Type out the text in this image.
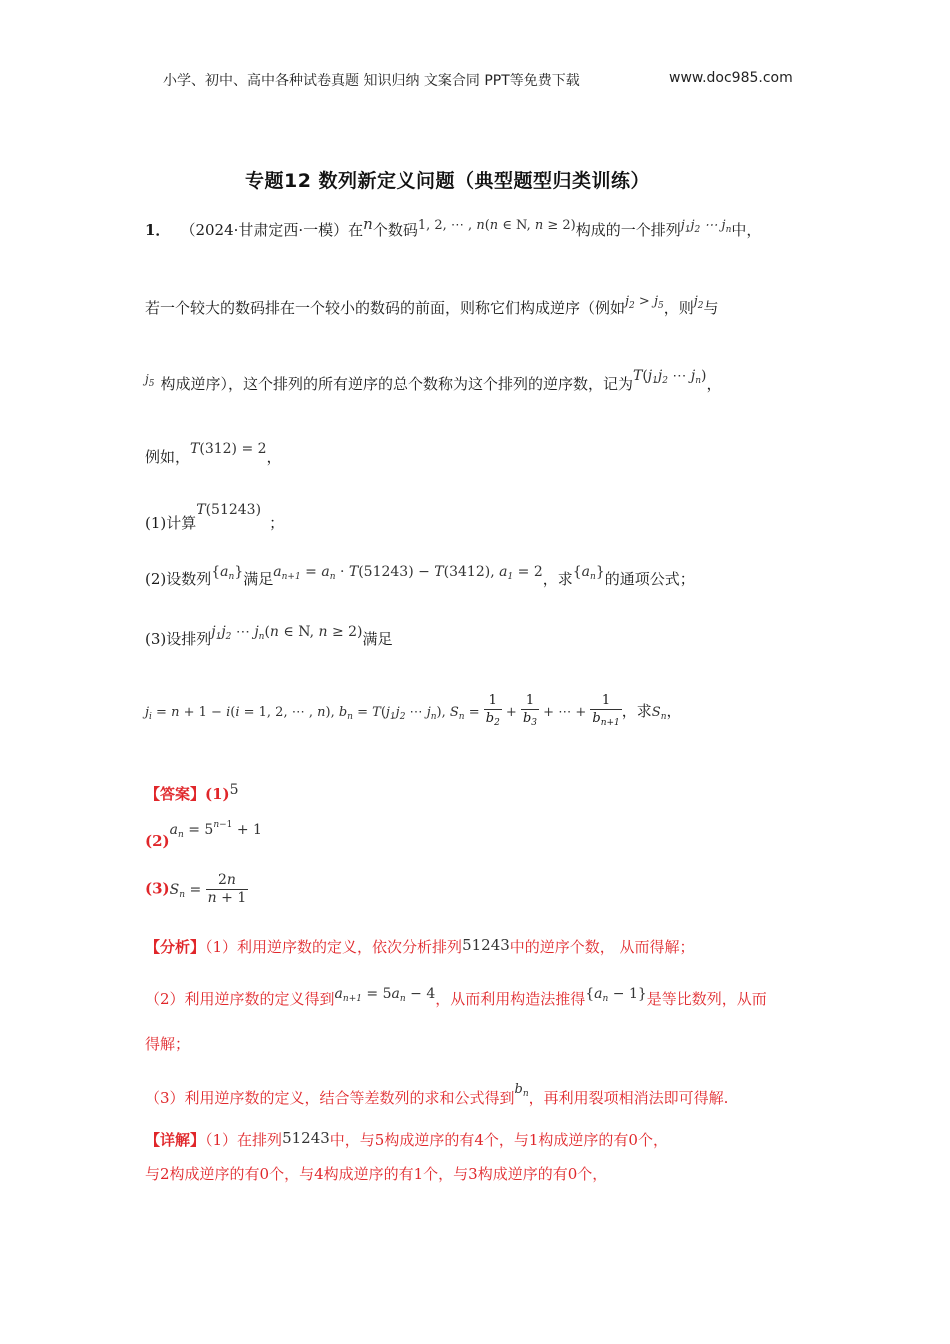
小学、初中、高中各种试卷真题 知识归纳 文案合同 PPT等免费下载	www.doc985.com
专题12 数列新定义问题（典型题型归类训练）
1． （2024·甘肃定西·一模）在n个数码1, 2, ⋯ , n(n ∈ N, n ≥ 2)构成的一个排列$j_1j_2$ ⋯ $j_n$中，
若一个较大的数码排在一个较小的数码的前面，则称它们构成逆序（例如$j_2 > j_5$，则$j_2$与
$^{j_5}$ 构成逆序），这个排列的所有逆序的总个数称为这个排列的逆序数，记为$T(j_1j_2$ ⋯ $j_n$)，
例如，T(312) = 2，
(1)计算T(51243)；
(2)设数列$\{a_n\}$满足$a_{n+1} = a_n \cdot T(51243) - T(3412)$, $a_1 = 2$，求$\{a_n\}$的通项公式；
(3)设排列$j_1j_2$ ⋯ $j_n(n$ ∈ N, n ≥ 2)满足
$j_i = n + 1 - i(i = 1$, 2, ⋯ , n), $b_n = T(j_1j_2$ ⋯ $j_n$), $S_n = \frac{1}{b_2} + \frac{1}{b_3}$ + ⋯ + $\frac{1}{b_{n+1}}$ ，求$S_n$，
【答案】(1)5
$(2)a_n = 5^{n-1} + 1$
$(3)S_n = \frac{2n}{n + 1}$
【分析】（1）利用逆序数的定义，依次分析排列51243中的逆序个数， 从而得解；
（2）利用逆序数的定义得到$a_{n+1} = 5a_n - 4$，从而利用构造法推得$\{a_n - 1\}$是等比数列，从而
得解；
（3）利用逆序数的定义，结合等差数列的求和公式得到$b_n$，再利用裂项相消法即可得解.
【详解】（1）在排列51243中，与5构成逆序的有4个，与1构成逆序的有0个，
与2构成逆序的有0个，与4构成逆序的有1个，与3构成逆序的有0个，
